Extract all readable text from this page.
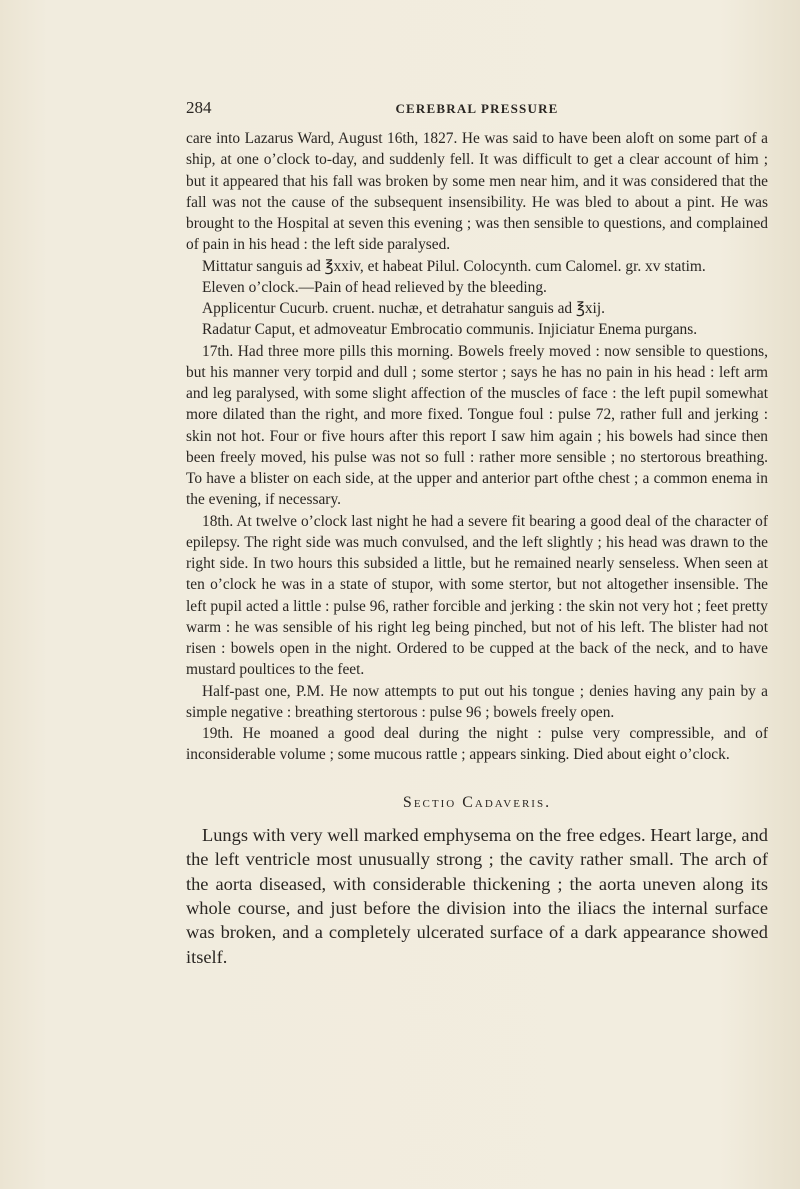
284	CEREBRAL PRESSURE

care into Lazarus Ward, August 16th, 1827. He was said to have been aloft on some part of a ship, at one o’clock to-day, and suddenly fell. It was difficult to get a clear account of him ; but it appeared that his fall was broken by some men near him, and it was considered that the fall was not the cause of the subsequent insensibility. He was bled to about a pint. He was brought to the Hospital at seven this evening ; was then sensible to questions, and complained of pain in his head : the left side paralysed.

Mittatur sanguis ad ℥xxiv, et habeat Pilul. Colocynth. cum Calomel. gr. xv statim.

Eleven o’clock.—Pain of head relieved by the bleeding.

Applicentur Cucurb. cruent. nuchæ, et detrahatur sanguis ad ℥xij.

Radatur Caput, et admoveatur Embrocatio communis. Injiciatur Enema purgans.

17th. Had three more pills this morning. Bowels freely moved : now sensible to questions, but his manner very torpid and dull ; some stertor ; says he has no pain in his head : left arm and leg paralysed, with some slight affection of the muscles of face : the left pupil somewhat more dilated than the right, and more fixed. Tongue foul : pulse 72, rather full and jerking : skin not hot. Four or five hours after this report I saw him again ; his bowels had since then been freely moved, his pulse was not so full : rather more sensible ; no stertorous breathing. To have a blister on each side, at the upper and anterior part ofthe chest ; a common enema in the evening, if necessary.

18th. At twelve o’clock last night he had a severe fit bearing a good deal of the character of epilepsy. The right side was much convulsed, and the left slightly ; his head was drawn to the right side. In two hours this subsided a little, but he remained nearly senseless. When seen at ten o’clock he was in a state of stupor, with some stertor, but not altogether insensible. The left pupil acted a little : pulse 96, rather forcible and jerking : the skin not very hot ; feet pretty warm : he was sensible of his right leg being pinched, but not of his left. The blister had not risen : bowels open in the night. Ordered to be cupped at the back of the neck, and to have mustard poultices to the feet.

Half-past one, P.M. He now attempts to put out his tongue ; denies having any pain by a simple negative : breathing stertorous : pulse 96 ; bowels freely open.

19th. He moaned a good deal during the night : pulse very compressible, and of inconsiderable volume ; some mucous rattle ; appears sinking. Died about eight o’clock.

Sectio Cadaveris.

Lungs with very well marked emphysema on the free edges. Heart large, and the left ventricle most unusually strong ; the cavity rather small. The arch of the aorta diseased, with considerable thickening ; the aorta uneven along its whole course, and just before the division into the iliacs the internal surface was broken, and a completely ulcerated surface of a dark appearance showed itself.
